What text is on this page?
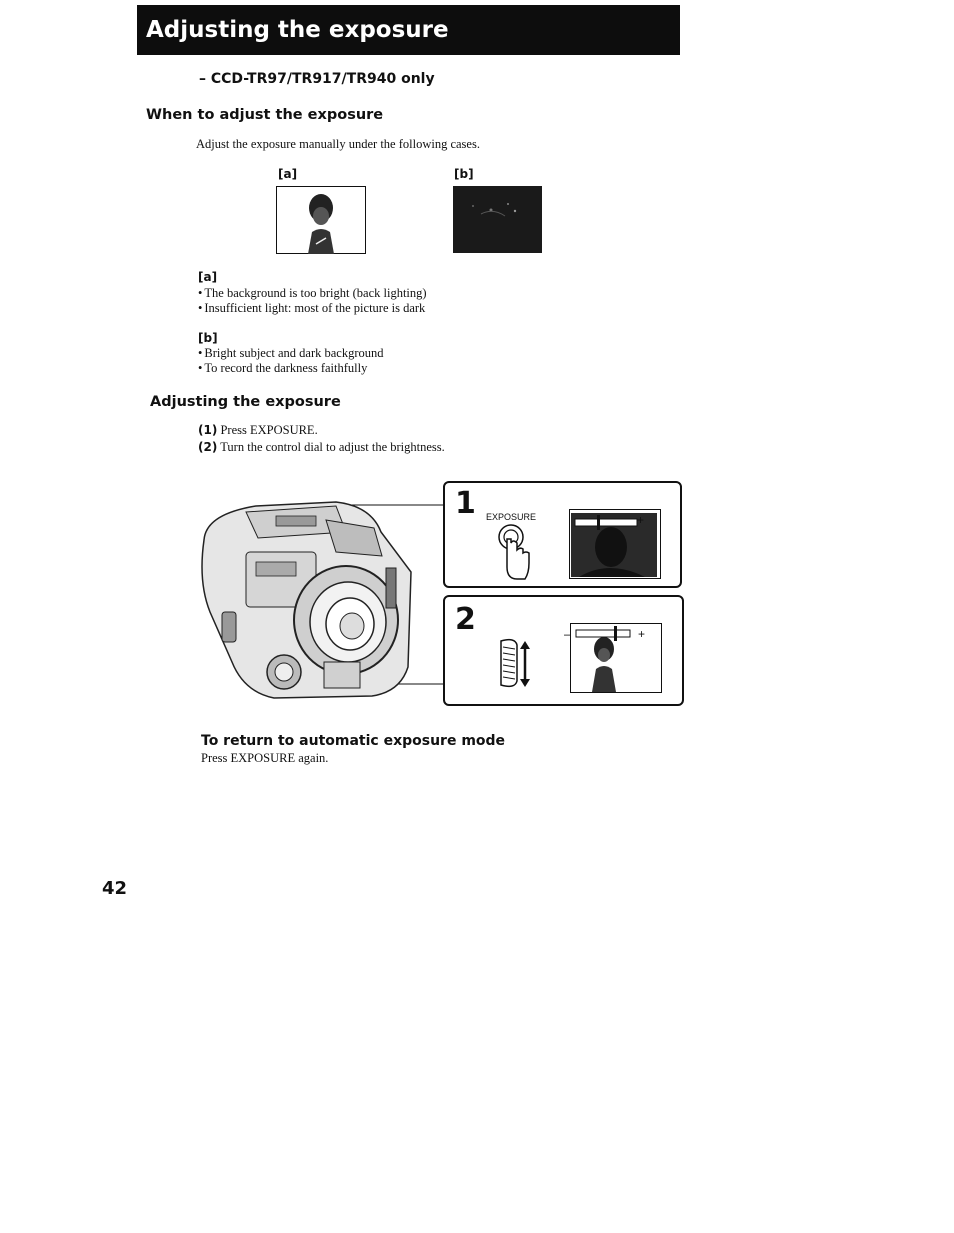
Adjusting the exposure
– CCD-TR97/TR917/TR940 only
When to adjust the exposure
Adjust the exposure manually under the following cases.
[a]	[b]
[a]
• The background is too bright (back lighting)
• Insufficient light: most of the picture is dark
[b]
• Bright subject and dark background
• To record the darkness faithfully
Adjusting the exposure
(1) Press EXPOSURE.
(2) Turn the control dial to adjust the brightness.
1 EXPOSURE –	+
2	–	+
To return to automatic exposure mode
Press EXPOSURE again.
42
